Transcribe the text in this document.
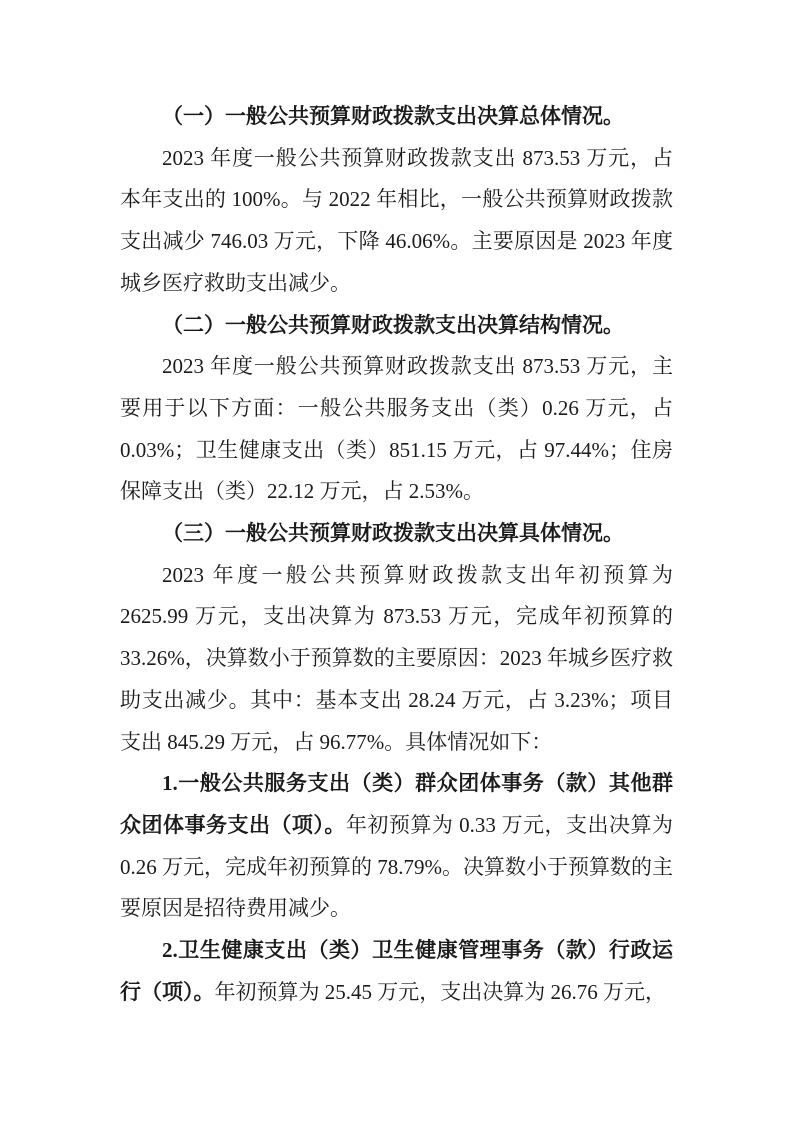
（一）一般公共预算财政拨款支出决算总体情况。

2023 年度一般公共预算财政拨款支出 873.53 万元，占本年支出的 100%。与 2022 年相比，一般公共预算财政拨款支出减少 746.03 万元，下降 46.06%。主要原因是 2023 年度城乡医疗救助支出减少。

（二）一般公共预算财政拨款支出决算结构情况。

2023 年度一般公共预算财政拨款支出 873.53 万元，主要用于以下方面：一般公共服务支出（类）0.26 万元，占 0.03%；卫生健康支出（类）851.15 万元，占 97.44%；住房保障支出（类）22.12 万元，占 2.53%。

（三）一般公共预算财政拨款支出决算具体情况。

2023 年度一般公共预算财政拨款支出年初预算为 2625.99 万元，支出决算为 873.53 万元，完成年初预算的 33.26%，决算数小于预算数的主要原因：2023 年城乡医疗救助支出减少。其中：基本支出 28.24 万元，占 3.23%；项目支出 845.29 万元，占 96.77%。具体情况如下：

1.一般公共服务支出（类）群众团体事务（款）其他群众团体事务支出（项）。年初预算为 0.33 万元，支出决算为 0.26 万元，完成年初预算的 78.79%。决算数小于预算数的主要原因是招待费用减少。

2.卫生健康支出（类）卫生健康管理事务（款）行政运行（项）。年初预算为 25.45 万元，支出决算为 26.76 万元，
